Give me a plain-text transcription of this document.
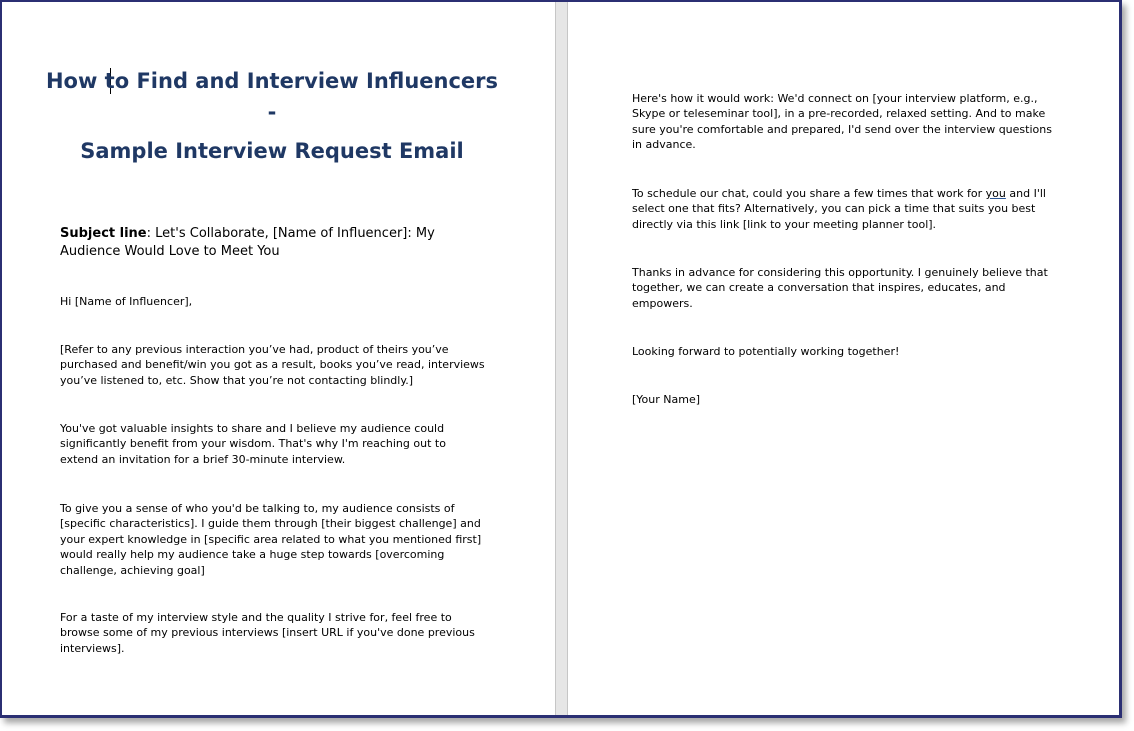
How to Find and Interview Influencers -
Sample Interview Request Email

Subject line: Let's Collaborate, [Name of Influencer]: My Audience Would Love to Meet You

Hi [Name of Influencer],

[Refer to any previous interaction you’ve had, product of theirs you’ve
purchased and benefit/win you got as a result, books you’ve read, interviews
you’ve listened to, etc. Show that you’re not contacting blindly.]

You've got valuable insights to share and I believe my audience could
significantly benefit from your wisdom. That's why I'm reaching out to
extend an invitation for a brief 30-minute interview.

To give you a sense of who you'd be talking to, my audience consists of
[specific characteristics]. I guide them through [their biggest challenge] and
your expert knowledge in [specific area related to what you mentioned first]
would really help my audience take a huge step towards [overcoming
challenge, achieving goal]

For a taste of my interview style and the quality I strive for, feel free to
browse some of my previous interviews [insert URL if you've done previous
interviews].

Here's how it would work: We'd connect on [your interview platform, e.g.,
Skype or teleseminar tool], in a pre-recorded, relaxed setting. And to make
sure you're comfortable and prepared, I'd send over the interview questions
in advance.

To schedule our chat, could you share a few times that work for you and I'll
select one that fits? Alternatively, you can pick a time that suits you best
directly via this link [link to your meeting planner tool].

Thanks in advance for considering this opportunity. I genuinely believe that
together, we can create a conversation that inspires, educates, and
empowers.

Looking forward to potentially working together!

[Your Name]
